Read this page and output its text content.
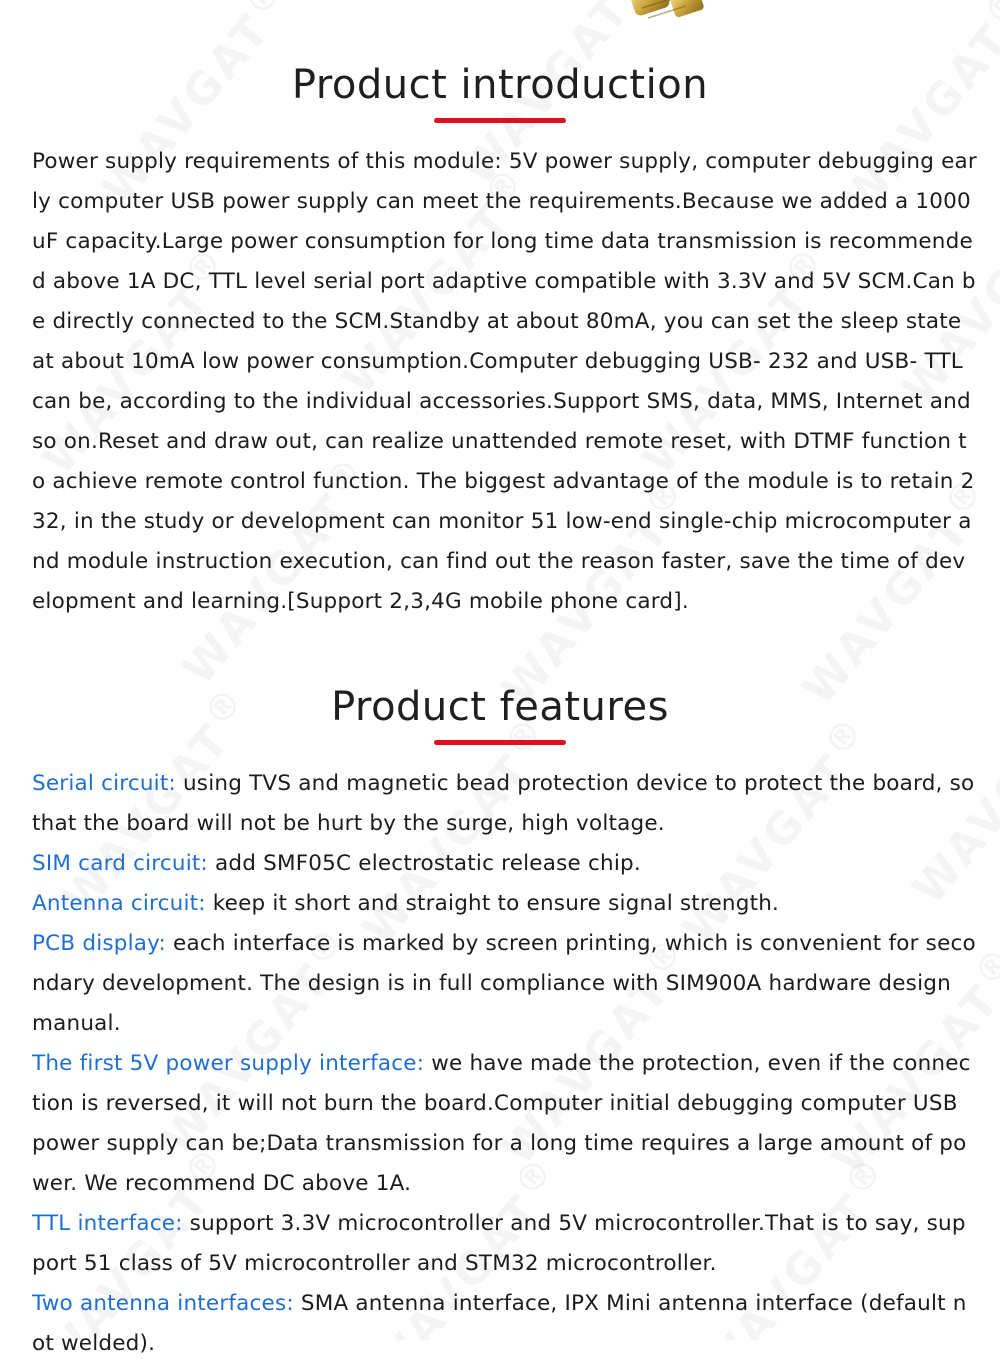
Product introduction

Power supply requirements of this module: 5V power supply, computer debugging early computer USB power supply can meet the requirements.Because we added a 1000uF capacity.Large power consumption for long time data transmission is recommended above 1A DC, TTL level serial port adaptive compatible with 3.3V and 5V SCM.Can be directly connected to the SCM.Standby at about 80mA, you can set the sleep state at about 10mA low power consumption.Computer debugging USB- 232 and USB- TTL can be, according to the individual accessories.Support SMS, data, MMS, Internet and so on.Reset and draw out, can realize unattended remote reset, with DTMF function to achieve remote control function. The biggest advantage of the module is to retain 232, in the study or development can monitor 51 low-end single-chip microcomputer and module instruction execution, can find out the reason faster, save the time of development and learning.[Support 2,3,4G mobile phone card].

Product features
Serial circuit: using TVS and magnetic bead protection device to protect the board, so that the board will not be hurt by the surge, high voltage.
SIM card circuit: add SMF05C electrostatic release chip.
Antenna circuit: keep it short and straight to ensure signal strength.
PCB display: each interface is marked by screen printing, which is convenient for secondary development. The design is in full compliance with SIM900A hardware design manual.
The first 5V power supply interface: we have made the protection, even if the connection is reversed, it will not burn the board.Computer initial debugging computer USB power supply can be;Data transmission for a long time requires a large amount of power. We recommend DC above 1A.
TTL interface: support 3.3V microcontroller and 5V microcontroller.That is to say, support 51 class of 5V microcontroller and STM32 microcontroller.
Two antenna interfaces: SMA antenna interface, IPX Mini antenna interface (default not welded).
